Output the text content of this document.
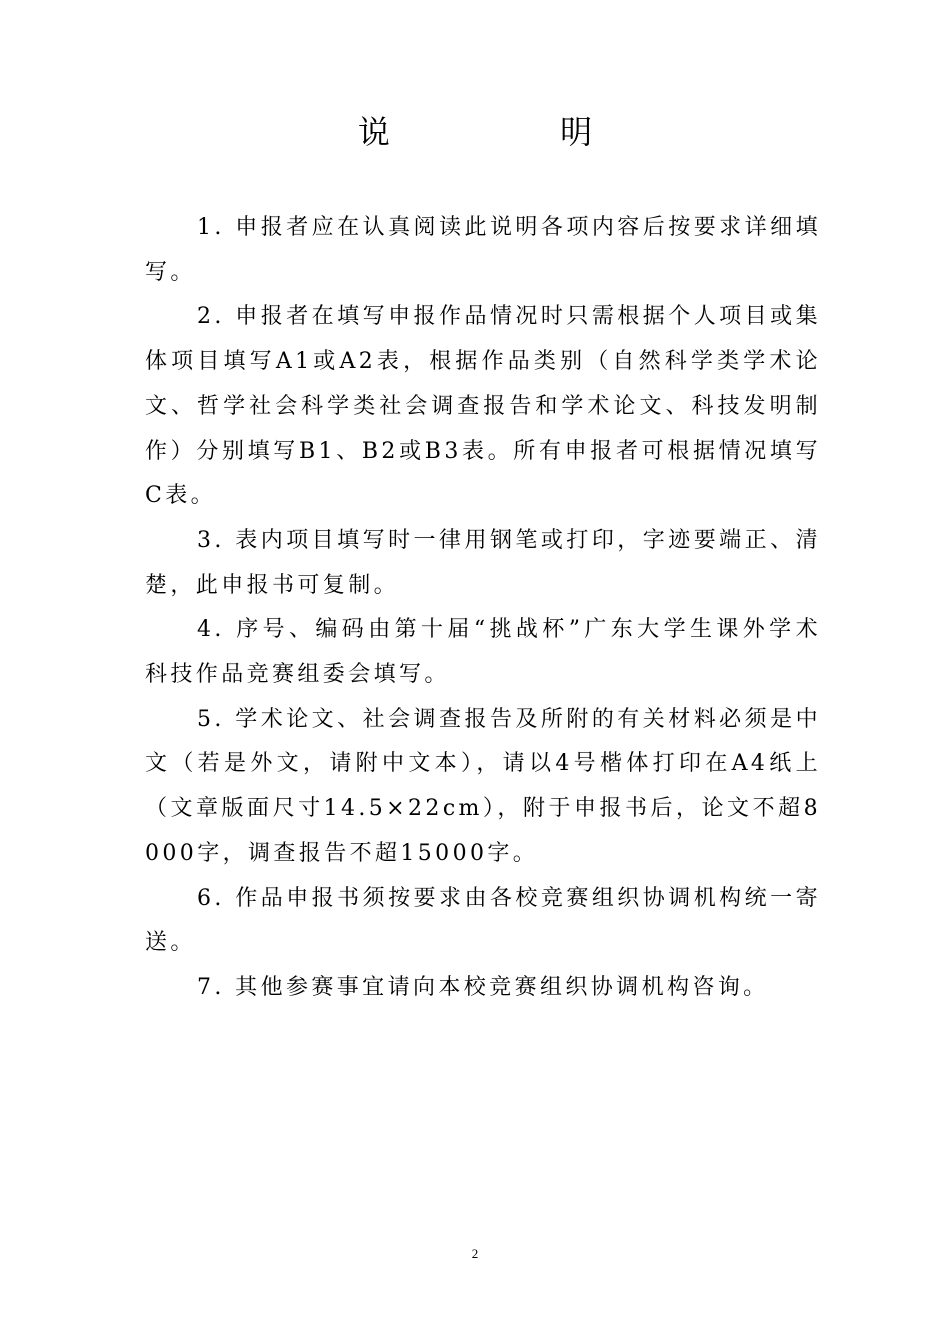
说 明

1. 申报者应在认真阅读此说明各项内容后按要求详细填写。

2. 申报者在填写申报作品情况时只需根据个人项目或集体项目填写A1或A2表，根据作品类别（自然科学类学术论文、哲学社会科学类社会调查报告和学术论文、科技发明制作）分别填写B1、B2或B3表。所有申报者可根据情况填写C表。

3. 表内项目填写时一律用钢笔或打印，字迹要端正、清楚，此申报书可复制。

4. 序号、编码由第十届“挑战杯”广东大学生课外学术科技作品竞赛组委会填写。

5. 学术论文、社会调查报告及所附的有关材料必须是中文（若是外文，请附中文本），请以4号楷体打印在A4纸上（文章版面尺寸14.5×22cm），附于申报书后，论文不超8000字，调查报告不超15000字。

6. 作品申报书须按要求由各校竞赛组织协调机构统一寄送。

7. 其他参赛事宜请向本校竞赛组织协调机构咨询。

2
